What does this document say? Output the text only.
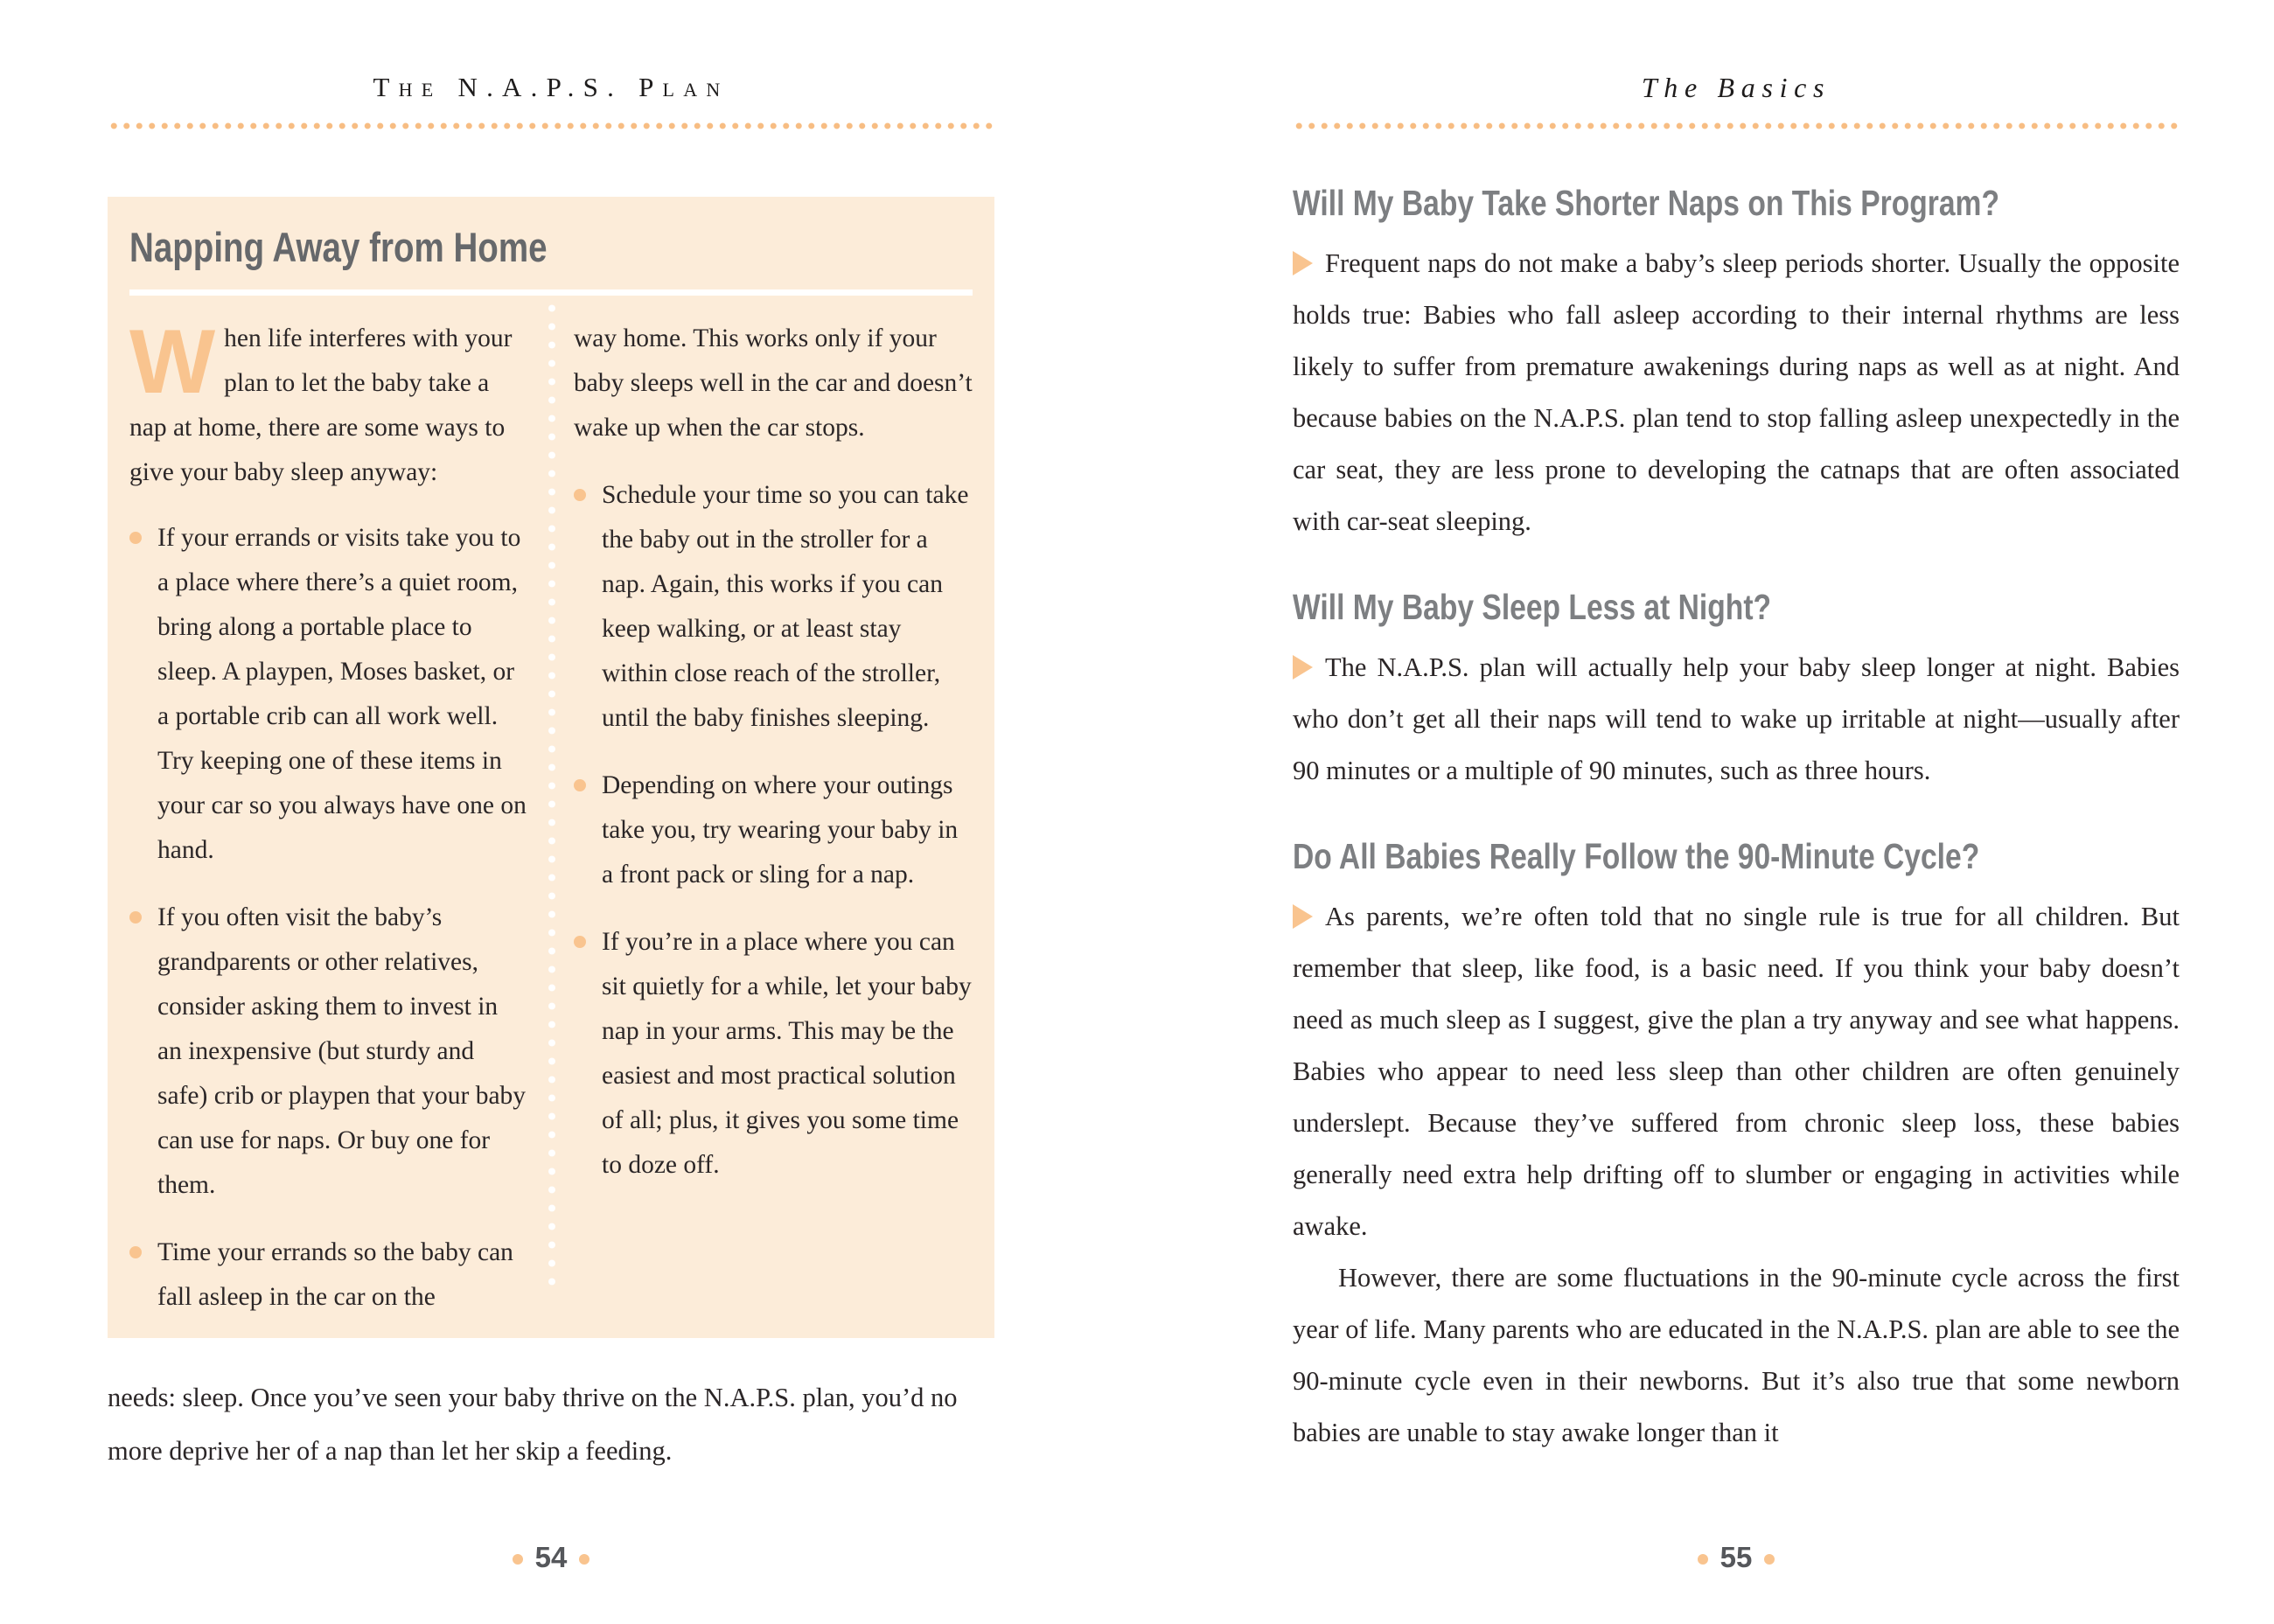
The N.A.P.S. Plan
Napping Away from Home

When life interferes with your plan to let the baby take a nap at home, there are some ways to give your baby sleep anyway:

If your errands or visits take you to a place where there’s a quiet room, bring along a portable place to sleep. A playpen, Moses basket, or a portable crib can all work well. Try keeping one of these items in your car so you always have one on hand.
If you often visit the baby’s grandparents or other relatives, consider asking them to invest in an inexpensive (but sturdy and safe) crib or playpen that your baby can use for naps. Or buy one for them.
Time your errands so the baby can fall asleep in the car on the

way home. This works only if your baby sleeps well in the car and doesn’t wake up when the car stops.

Schedule your time so you can take the baby out in the stroller for a nap. Again, this works if you can keep walking, or at least stay within close reach of the stroller, until the baby finishes sleeping.
Depending on where your outings take you, try wearing your baby in a front pack or sling for a nap.
If you’re in a place where you can sit quietly for a while, let your baby nap in your arms. This may be the easiest and most practical solution of all; plus, it gives you some time to doze off.

needs: sleep. Once you’ve seen your baby thrive on the N.A.P.S. plan, you’d no more deprive her of a nap than let her skip a feeding.

54
The Basics
Will My Baby Take Shorter Naps on This Program?

Frequent naps do not make a baby’s sleep periods shorter. Usually the opposite holds true: Babies who fall asleep according to their internal rhythms are less likely to suffer from premature awakenings during naps as well as at night. And because babies on the N.A.P.S. plan tend to stop falling asleep unexpectedly in the car seat, they are less prone to developing the catnaps that are often associated with car-seat sleeping.

Will My Baby Sleep Less at Night?

The N.A.P.S. plan will actually help your baby sleep longer at night. Babies who don’t get all their naps will tend to wake up irritable at night—usually after 90 minutes or a multiple of 90 minutes, such as three hours.

Do All Babies Really Follow the 90-Minute Cycle?

As parents, we’re often told that no single rule is true for all children. But remember that sleep, like food, is a basic need. If you think your baby doesn’t need as much sleep as I suggest, give the plan a try anyway and see what happens. Babies who appear to need less sleep than other children are often genuinely underslept. Because they’ve suffered from chronic sleep loss, these babies generally need extra help drifting off to slumber or engaging in activities while awake.

However, there are some fluctuations in the 90-minute cycle across the first year of life. Many parents who are educated in the N.A.P.S. plan are able to see the 90-minute cycle even in their newborns. But it’s also true that some newborn babies are unable to stay awake longer than it

55
